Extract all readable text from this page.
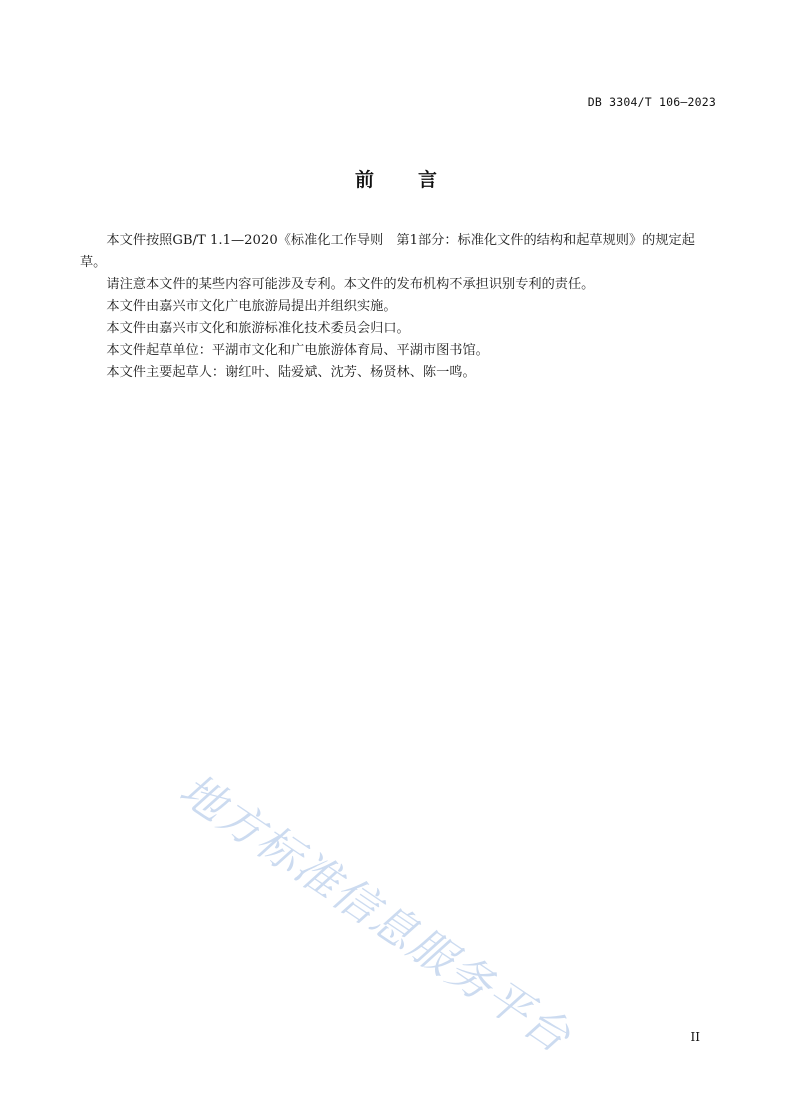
DB 3304/T 106—2023
前言

本文件按照GB/T 1.1—2020《标准化工作导则　第1部分：标准化文件的结构和起草规则》的规定起草。

请注意本文件的某些内容可能涉及专利。本文件的发布机构不承担识别专利的责任。

本文件由嘉兴市文化广电旅游局提出并组织实施。

本文件由嘉兴市文化和旅游标准化技术委员会归口。

本文件起草单位：平湖市文化和广电旅游体育局、平湖市图书馆。

本文件主要起草人：谢红叶、陆爱斌、沈芳、杨贤林、陈一鸣。

地方标准信息服务平台	II
